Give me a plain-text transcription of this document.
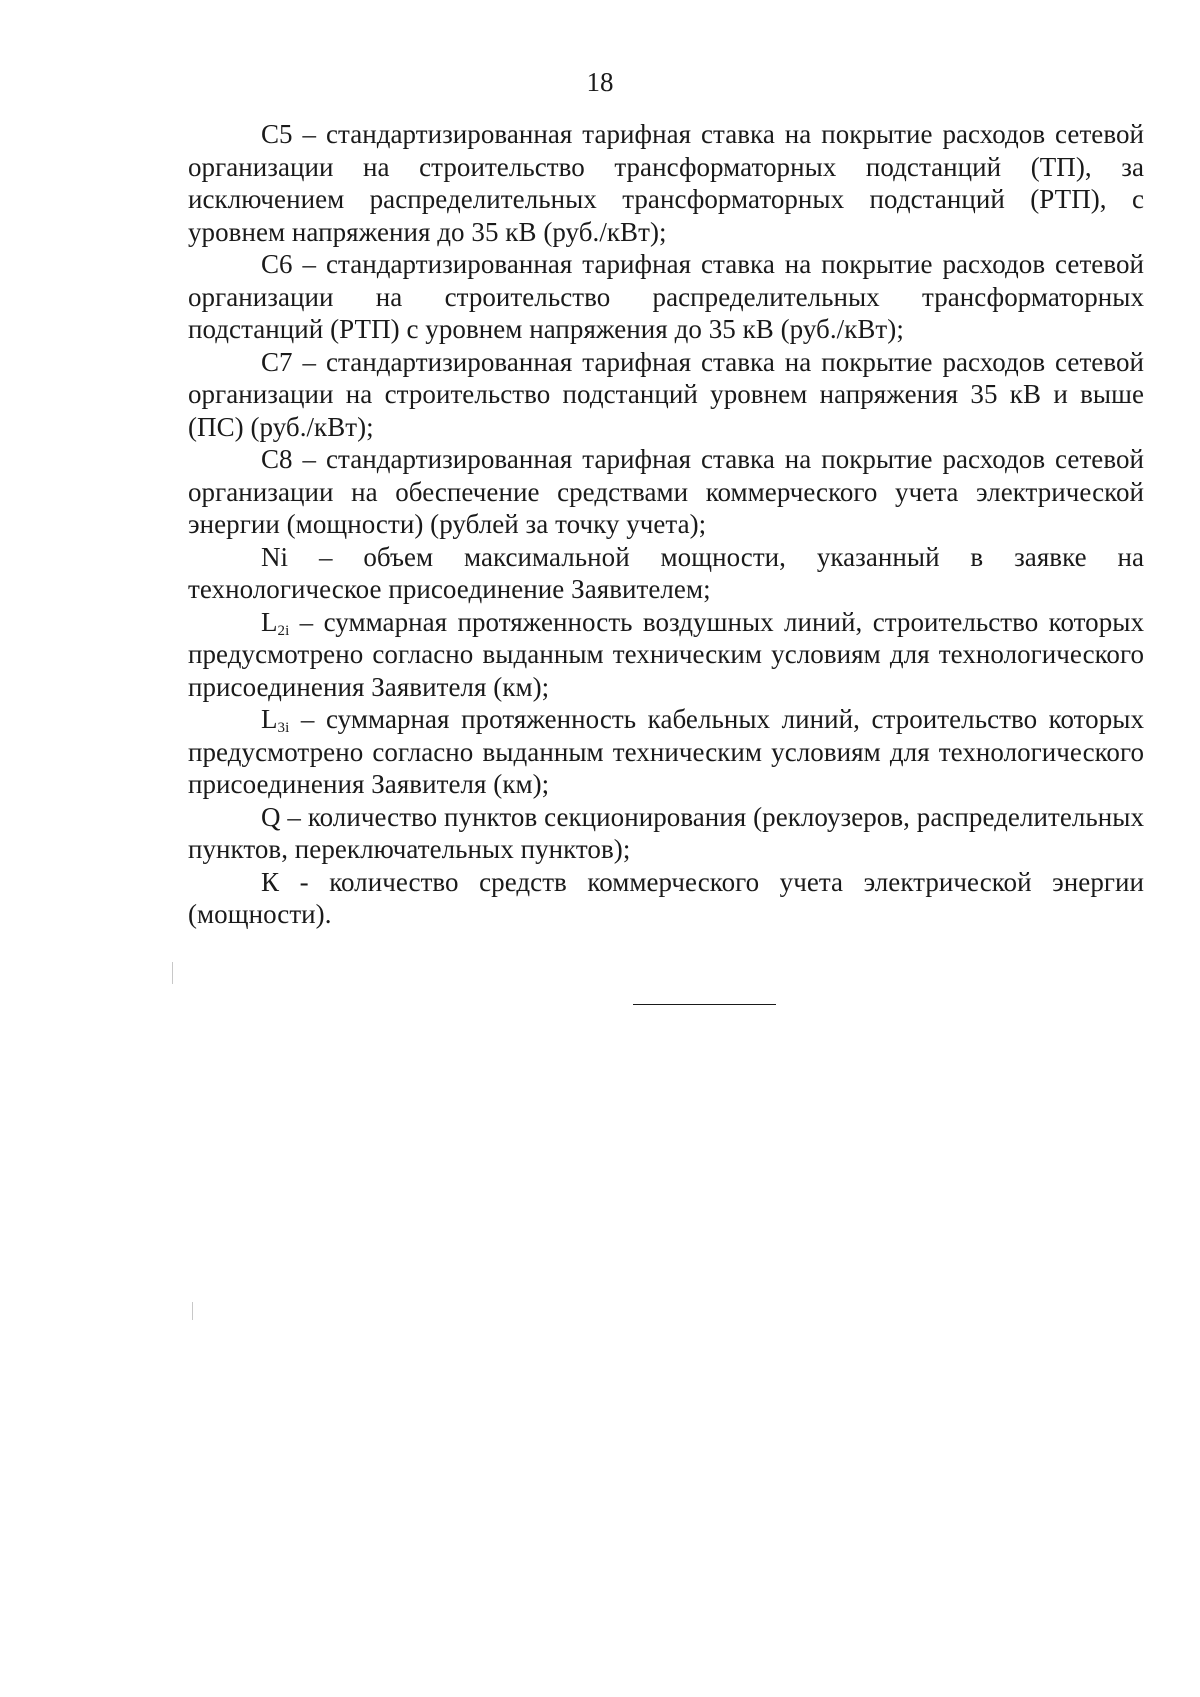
18

C5 – стандартизированная тарифная ставка на покрытие расходов сетевой организации на строительство трансформаторных подстанций (ТП), за исключением распределительных трансформаторных подстанций (РТП), с уровнем напряжения до 35 кВ (руб./кВт);

C6 – стандартизированная тарифная ставка на покрытие расходов сетевой организации на строительство распределительных трансформаторных подстанций (РТП) с уровнем напряжения до 35 кВ (руб./кВт);

C7 – стандартизированная тарифная ставка на покрытие расходов сетевой организации на строительство подстанций уровнем напряжения 35 кВ и выше (ПС) (руб./кВт);

C8 – стандартизированная тарифная ставка на покрытие расходов сетевой организации на обеспечение средствами коммерческого учета электрической энергии (мощности) (рублей за точку учета);

Ni – объем максимальной мощности, указанный в заявке на технологическое присоединение Заявителем;

$L_{2i}$ – суммарная протяженность воздушных линий, строительство которых предусмотрено согласно выданным техническим условиям для технологического присоединения Заявителя (км);

$L_{3i}$ – суммарная протяженность кабельных линий, строительство которых предусмотрено согласно выданным техническим условиям для технологического присоединения Заявителя (км);

Q – количество пунктов секционирования (реклоузеров, распределительных пунктов, переключательных пунктов);

К - количество средств коммерческого учета электрической энергии (мощности).
